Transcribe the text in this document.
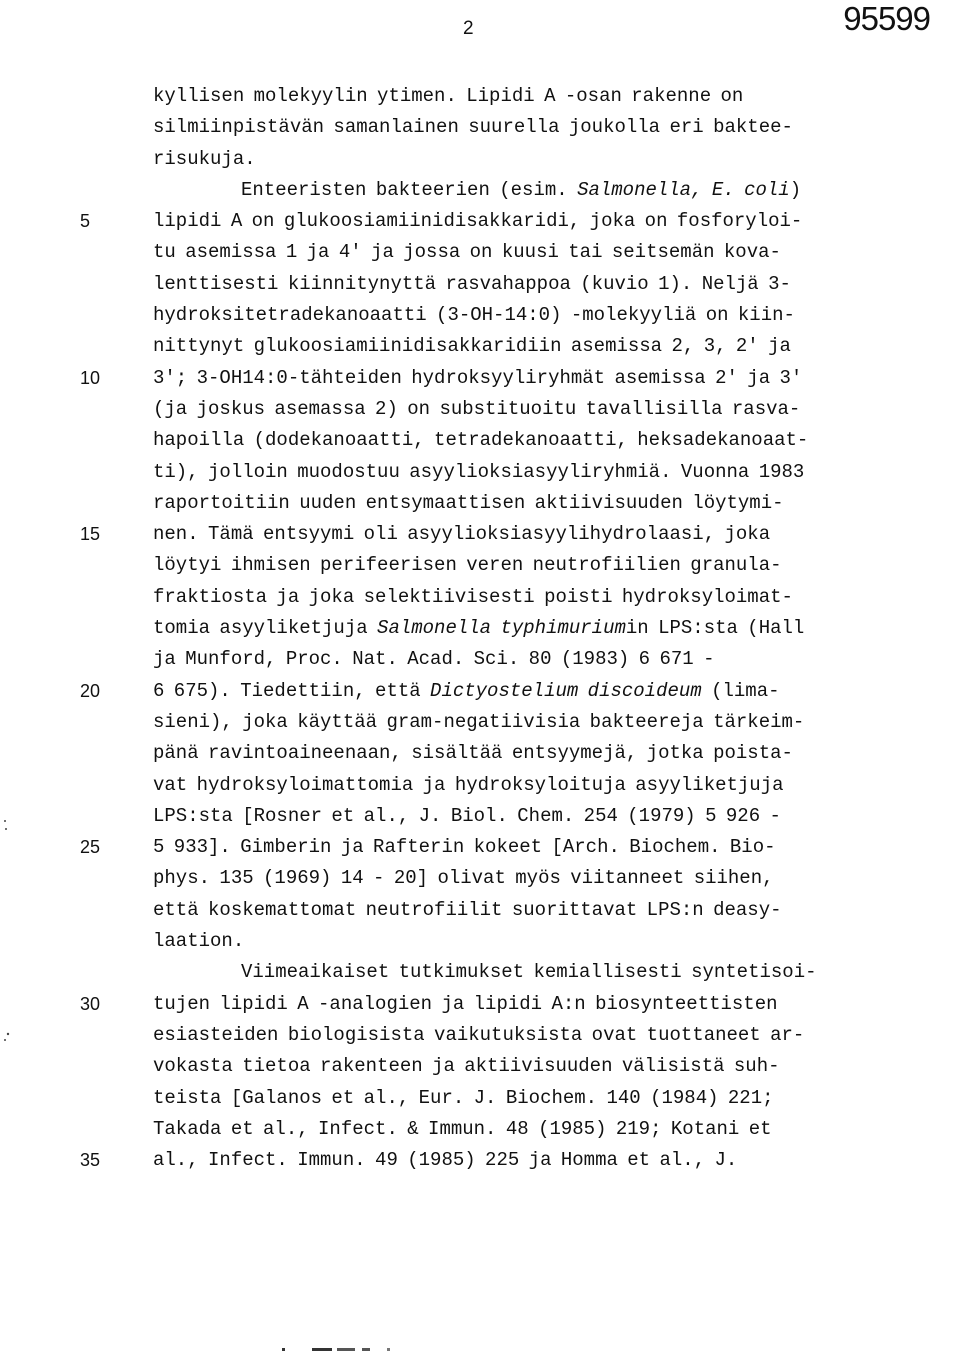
2	95599
kyllisen molekyylin ytimen. Lipidi A -osan rakenne on
silmiinpistävän samanlainen suurella joukolla eri baktee-
risukuja.
Enteeristen bakteerien (esim. Salmonella, E. coli)
lipidi A on glukoosiamiinidisakkaridi, joka on fosforyloi-
tu asemissa 1 ja 4' ja jossa on kuusi tai seitsemän kova-
lenttisesti kiinnitynyttä rasvahappoa (kuvio 1). Neljä 3-
hydroksitetradekanoaatti (3-OH-14:0) -molekyyliä on kiin-
nittynyt glukoosiamiinidisakkaridiin asemissa 2, 3, 2' ja
3'; 3-OH14:0-tähteiden hydroksyyliryhmät asemissa 2' ja 3'
(ja joskus asemassa 2) on substituoitu tavallisilla rasva-
hapoilla (dodekanoaatti, tetradekanoaatti, heksadekanoaat-
ti), jolloin muodostuu asyylioksiasyyliryhmiä. Vuonna 1983
raportoitiin uuden entsymaattisen aktiivisuuden löytymi-
nen. Tämä entsyymi oli asyylioksiasyylihydrolaasi, joka
löytyi ihmisen perifeerisen veren neutrofiilien granula-
fraktiosta ja joka selektiivisesti poisti hydroksyloimat-
tomia asyyliketjuja Salmonella typhimuriumin LPS:sta (Hall
ja Munford, Proc. Nat. Acad. Sci. 80 (1983) 6 671 -
6 675). Tiedettiin, että Dictyostelium discoideum (lima-
sieni), joka käyttää gram-negatiivisia bakteereja tärkeim-
pänä ravintoaineenaan, sisältää entsyymejä, jotka poista-
vat hydroksyloimattomia ja hydroksyloituja asyyliketjuja
LPS:sta [Rosner et al., J. Biol. Chem. 254 (1979) 5 926 -
5 933]. Gimberin ja Rafterin kokeet [Arch. Biochem. Bio-
phys. 135 (1969) 14 - 20] olivat myös viitanneet siihen,
että koskemattomat neutrofiilit suorittavat LPS:n deasy-
laation.
Viimeaikaiset tutkimukset kemiallisesti syntetisoi-
tujen lipidi A -analogien ja lipidi A:n biosynteettisten
esiasteiden biologisista vaikutuksista ovat tuottaneet ar-
vokasta tietoa rakenteen ja aktiivisuuden välisistä suh-
teista [Galanos et al., Eur. J. Biochem. 140 (1984) 221;
Takada et al., Infect. & Immun. 48 (1985) 219; Kotani et
al., Infect. Immun. 49 (1985) 225 ja Homma et al., J.
5
10
15
20
25
30
35
